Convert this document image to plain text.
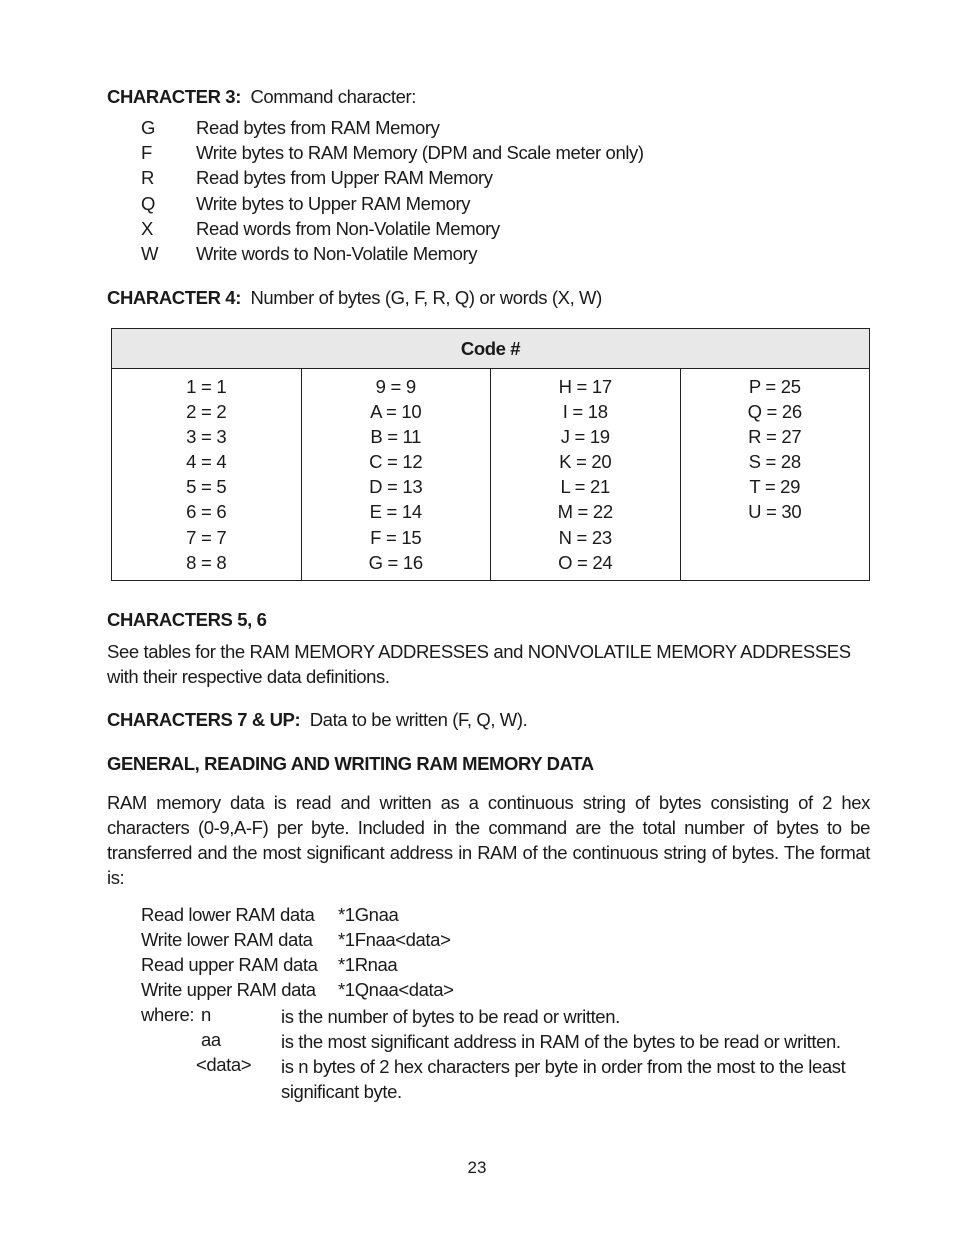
CHARACTER 3: Command character:
G Read bytes from RAM Memory
F Write bytes to RAM Memory (DPM and Scale meter only)
R Read bytes from Upper RAM Memory
Q Write bytes to Upper RAM Memory
X Read words from Non-Volatile Memory
W Write words to Non-Volatile Memory
CHARACTER 4: Number of bytes (G, F, R, Q) or words (X, W)
Code #
1 = 1
2 = 2
3 = 3
4 = 4
5 = 5
6 = 6
7 = 7
8 = 8
9 = 9
A = 10
B = 11
C = 12
D = 13
E = 14
F = 15
G = 16
H = 17
I = 18
J = 19
K = 20
L = 21
M = 22
N = 23
O = 24
P = 25
Q = 26
R = 27
S = 28
T = 29
U = 30
CHARACTERS 5, 6
See tables for the RAM MEMORY ADDRESSES and NONVOLATILE MEMORY ADDRESSES with their respective data definitions.
CHARACTERS 7 & UP: Data to be written (F, Q, W).
GENERAL, READING AND WRITING RAM MEMORY DATA
RAM memory data is read and written as a continuous string of bytes consisting of 2 hex characters (0-9,A-F) per byte. Included in the command are the total number of bytes to be transferred and the most significant address in RAM of the continuous string of bytes. The format is:
Read lower RAM data *1Gnaa
Write lower RAM data *1Fnaa<data>
Read upper RAM data *1Rnaa
Write upper RAM data *1Qnaa<data>
where: n	is the number of bytes to be read or written.
aa	is the most significant address in RAM of the bytes to be read or written.
<data> is n bytes of 2 hex characters per byte in order from the most to the least significant byte.
23
